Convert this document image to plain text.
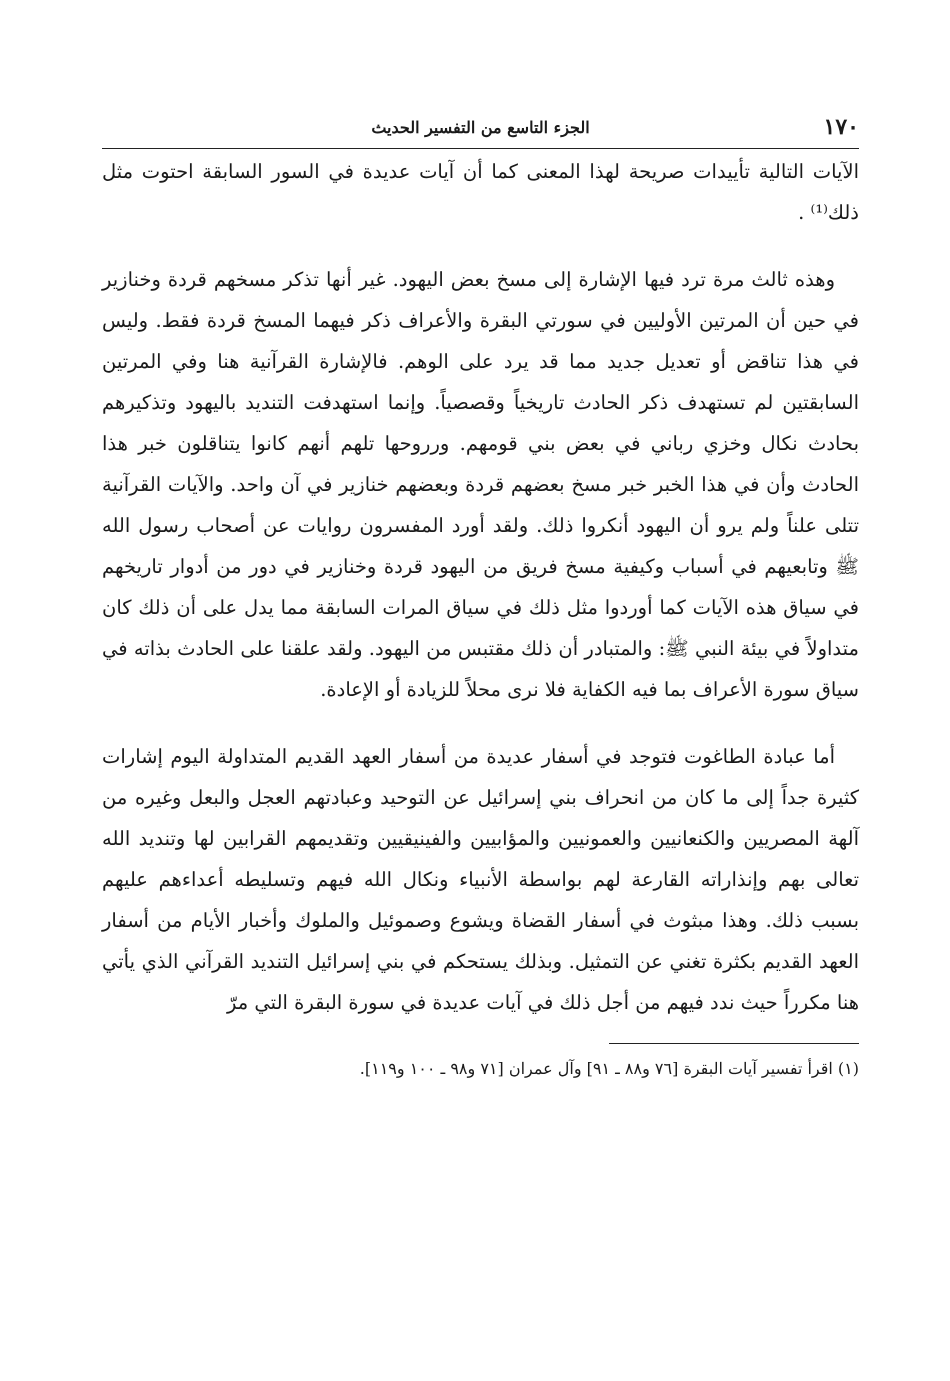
١٧٠
الجزء التاسع من التفسير الحديث

الآيات التالية تأييدات صريحة لهذا المعنى كما أن آيات عديدة في السور السابقة احتوت مثل ذلك⁽¹⁾ .

وهذه ثالث مرة ترد فيها الإشارة إلى مسخ بعض اليهود. غير أنها تذكر مسخهم قردة وخنازير في حين أن المرتين الأوليين في سورتي البقرة والأعراف ذكر فيهما المسخ قردة فقط. وليس في هذا تناقض أو تعديل جديد مما قد يرد على الوهم. فالإشارة القرآنية هنا وفي المرتين السابقتين لم تستهدف ذكر الحادث تاريخياً وقصصياً. وإنما استهدفت التنديد باليهود وتذكيرهم بحادث نكال وخزي رباني في بعض بني قومهم. ورروحها تلهم أنهم كانوا يتناقلون خبر هذا الحادث وأن في هذا الخبر خبر مسخ بعضهم قردة وبعضهم خنازير في آن واحد. والآيات القرآنية تتلى علناً ولم يرو أن اليهود أنكروا ذلك. ولقد أورد المفسرون روايات عن أصحاب رسول الله ﷺ وتابعيهم في أسباب وكيفية مسخ فريق من اليهود قردة وخنازير في دور من أدوار تاريخهم في سياق هذه الآيات كما أوردوا مثل ذلك في سياق المرات السابقة مما يدل على أن ذلك كان متداولاً في بيئة النبي ﷺ: والمتبادر أن ذلك مقتبس من اليهود. ولقد علقنا على الحادث بذاته في سياق سورة الأعراف بما فيه الكفاية فلا نرى محلاً للزيادة أو الإعادة.

أما عبادة الطاغوت فتوجد في أسفار عديدة من أسفار العهد القديم المتداولة اليوم إشارات كثيرة جداً إلى ما كان من انحراف بني إسرائيل عن التوحيد وعبادتهم العجل والبعل وغيره من آلهة المصريين والكنعانيين والعمونيين والمؤابيين والفينيقيين وتقديمهم القرابين لها وتنديد الله تعالى بهم وإنذاراته القارعة لهم بواسطة الأنبياء ونكال الله فيهم وتسليطه أعداءهم عليهم بسبب ذلك. وهذا مبثوث في أسفار القضاة ويشوع وصموئيل والملوك وأخبار الأيام من أسفار العهد القديم بكثرة تغني عن التمثيل. وبذلك يستحكم في بني إسرائيل التنديد القرآني الذي يأتي هنا مكرراً حيث ندد فيهم من أجل ذلك في آيات عديدة في سورة البقرة التي مرّ

(١) اقرأ تفسير آيات البقرة [٧٦ و٨٨ ـ ٩١] وآل عمران [٧١ و٩٨ ـ ١٠٠ و١١٩].
